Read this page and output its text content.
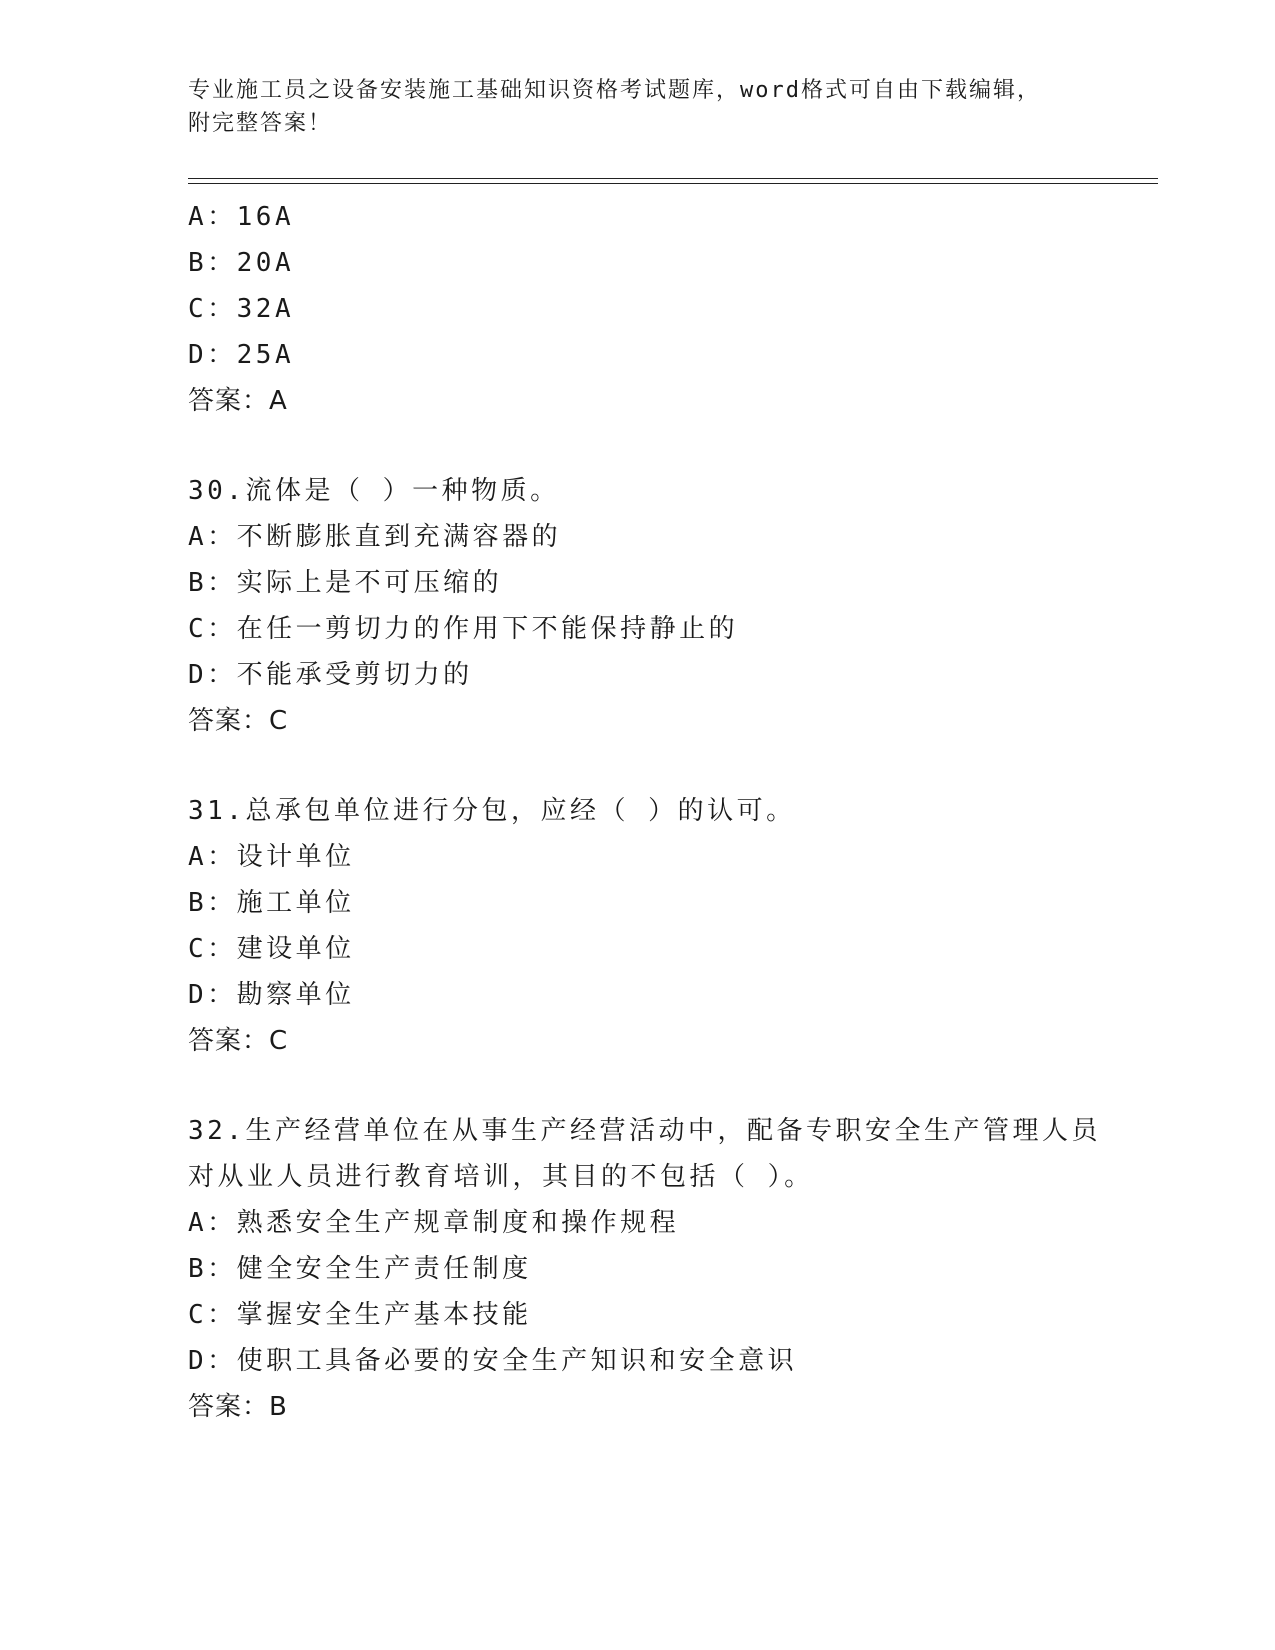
专业施工员之设备安装施工基础知识资格考试题库，word格式可自由下载编辑，
附完整答案！
A：16A
B：20A
C：32A
D：25A
答案：A
30.流体是（ ）一种物质。
A：不断膨胀直到充满容器的
B：实际上是不可压缩的
C：在任一剪切力的作用下不能保持静止的
D：不能承受剪切力的
答案：C
31.总承包单位进行分包，应经（ ）的认可。
A：设计单位
B：施工单位
C：建设单位
D：勘察单位
答案：C
32.生产经营单位在从事生产经营活动中，配备专职安全生产管理人员
对从业人员进行教育培训，其目的不包括（ ）。
A：熟悉安全生产规章制度和操作规程
B：健全安全生产责任制度
C：掌握安全生产基本技能
D：使职工具备必要的安全生产知识和安全意识
答案：B
